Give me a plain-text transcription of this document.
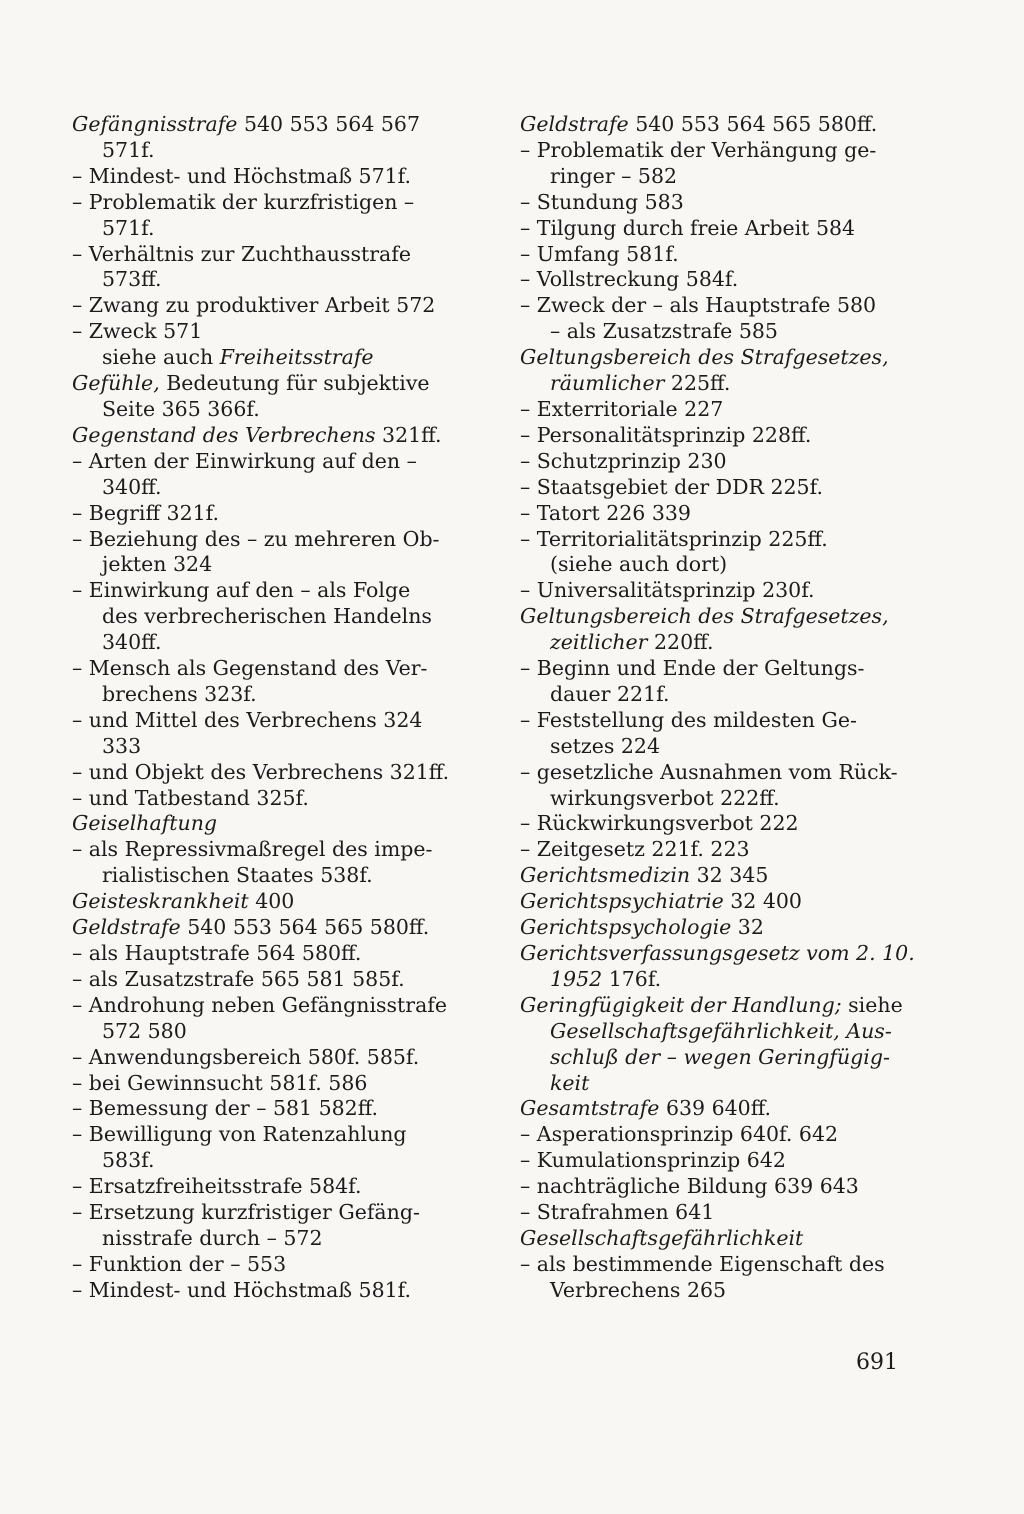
Gefängnisstrafe 540 553 564 567
571f.
– Mindest- und Höchstmaß 571f.
– Problematik der kurzfristigen –
571f.
– Verhältnis zur Zuchthausstrafe
573ff.
– Zwang zu produktiver Arbeit 572
– Zweck 571
siehe auch Freiheitsstrafe
Gefühle, Bedeutung für subjektive
Seite 365 366f.
Gegenstand des Verbrechens 321ff.
– Arten der Einwirkung auf den –
340ff.
– Begriff 321f.
– Beziehung des – zu mehreren Ob-
jekten 324
– Einwirkung auf den – als Folge
des verbrecherischen Handelns
340ff.
– Mensch als Gegenstand des Ver-
brechens 323f.
– und Mittel des Verbrechens 324
333
– und Objekt des Verbrechens 321ff.
– und Tatbestand 325f.
Geiselhaftung
– als Repressivmaßregel des impe-
rialistischen Staates 538f.
Geisteskrankheit 400
Geldstrafe 540 553 564 565 580ff.
– als Hauptstrafe 564 580ff.
– als Zusatzstrafe 565 581 585f.
– Androhung neben Gefängnisstrafe
572 580
– Anwendungsbereich 580f. 585f.
– bei Gewinnsucht 581f. 586
– Bemessung der – 581 582ff.
– Bewilligung von Ratenzahlung
583f.
– Ersatzfreiheitsstrafe 584f.
– Ersetzung kurzfristiger Gefäng-
nisstrafe durch – 572
– Funktion der – 553
– Mindest- und Höchstmaß 581f.
Geldstrafe 540 553 564 565 580ff.
– Problematik der Verhängung ge-
ringer – 582
– Stundung 583
– Tilgung durch freie Arbeit 584
– Umfang 581f.
– Vollstreckung 584f.
– Zweck der – als Hauptstrafe 580
– als Zusatzstrafe 585
Geltungsbereich des Strafgesetzes,
räumlicher 225ff.
– Exterritoriale 227
– Personalitätsprinzip 228ff.
– Schutzprinzip 230
– Staatsgebiet der DDR 225f.
– Tatort 226 339
– Territorialitätsprinzip 225ff.
(siehe auch dort)
– Universalitätsprinzip 230f.
Geltungsbereich des Strafgesetzes,
zeitlicher 220ff.
– Beginn und Ende der Geltungs-
dauer 221f.
– Feststellung des mildesten Ge-
setzes 224
– gesetzliche Ausnahmen vom Rück-
wirkungsverbot 222ff.
– Rückwirkungsverbot 222
– Zeitgesetz 221f. 223
Gerichtsmedizin 32 345
Gerichtspsychiatrie 32 400
Gerichtspsychologie 32
Gerichtsverfassungsgesetz vom 2. 10.
1952 176f.
Geringfügigkeit der Handlung; siehe
Gesellschaftsgefährlichkeit, Aus-
schluß der – wegen Geringfügig-
keit
Gesamtstrafe 639 640ff.
– Asperationsprinzip 640f. 642
– Kumulationsprinzip 642
– nachträgliche Bildung 639 643
– Strafrahmen 641
Gesellschaftsgefährlichkeit
– als bestimmende Eigenschaft des
Verbrechens 265
691
